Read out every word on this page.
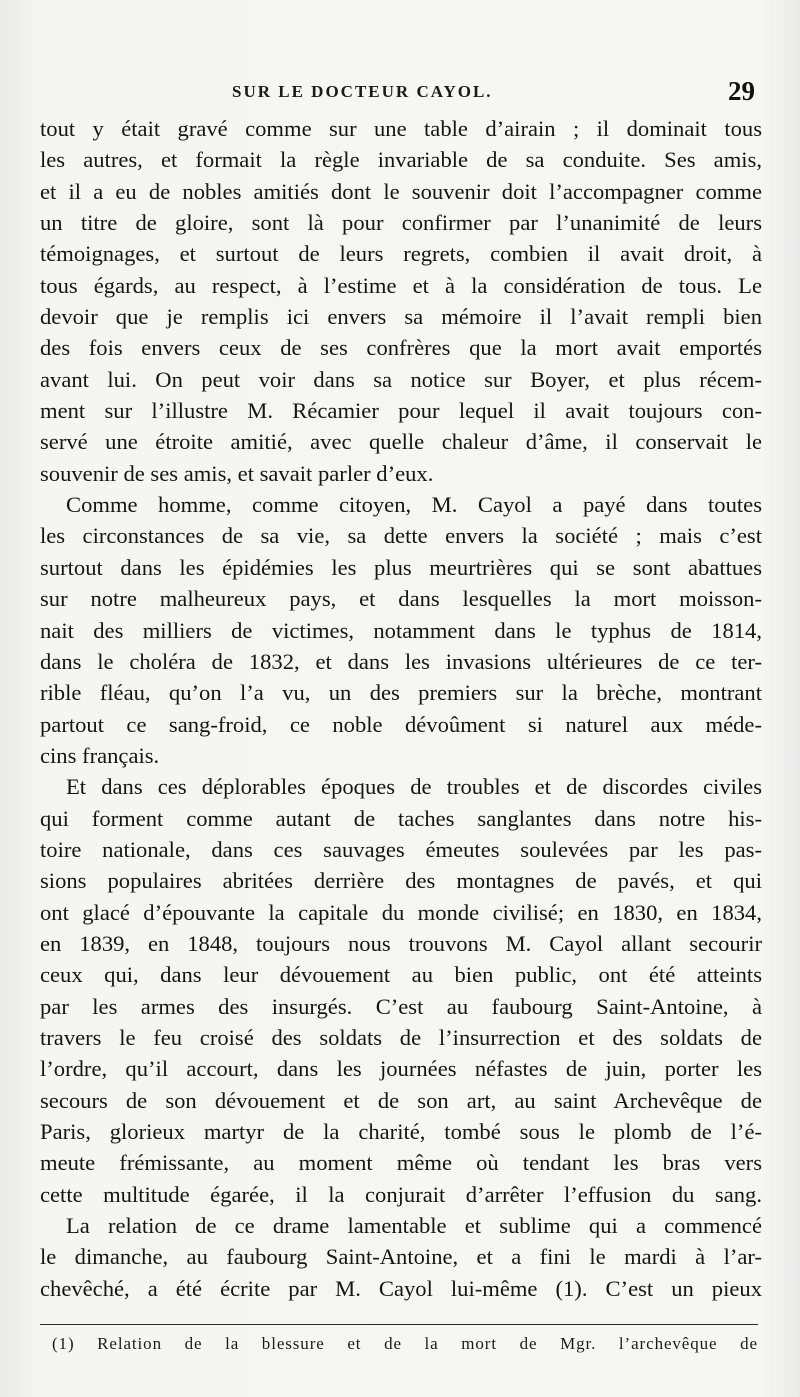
SUR LE DOCTEUR CAYOL.	29
tout y était gravé comme sur une table d’airain ; il dominait tous
les autres, et formait la règle invariable de sa conduite. Ses amis,
et il a eu de nobles amitiés dont le souvenir doit l’accompagner comme
un titre de gloire, sont là pour confirmer par l’unanimité de leurs
témoignages, et surtout de leurs regrets, combien il avait droit, à
tous égards, au respect, à l’estime et à la considération de tous. Le
devoir que je remplis ici envers sa mémoire il l’avait rempli bien
des fois envers ceux de ses confrères que la mort avait emportés
avant lui. On peut voir dans sa notice sur Boyer, et plus récem-
ment sur l’illustre M. Récamier pour lequel il avait toujours con-
servé une étroite amitié, avec quelle chaleur d’âme, il conservait le
souvenir de ses amis, et savait parler d’eux.
Comme homme, comme citoyen, M. Cayol a payé dans toutes
les circonstances de sa vie, sa dette envers la société ; mais c’est
surtout dans les épidémies les plus meurtrières qui se sont abattues
sur notre malheureux pays, et dans lesquelles la mort moisson-
nait des milliers de victimes, notamment dans le typhus de 1814,
dans le choléra de 1832, et dans les invasions ultérieures de ce ter-
rible fléau, qu’on l’a vu, un des premiers sur la brèche, montrant
partout ce sang-froid, ce noble dévoûment si naturel aux méde-
cins français.
Et dans ces déplorables époques de troubles et de discordes civiles
qui forment comme autant de taches sanglantes dans notre his-
toire nationale, dans ces sauvages émeutes soulevées par les pas-
sions populaires abritées derrière des montagnes de pavés, et qui
ont glacé d’épouvante la capitale du monde civilisé; en 1830, en 1834,
en 1839, en 1848, toujours nous trouvons M. Cayol allant secourir
ceux qui, dans leur dévouement au bien public, ont été atteints
par les armes des insurgés. C’est au faubourg Saint-Antoine, à
travers le feu croisé des soldats de l’insurrection et des soldats de
l’ordre, qu’il accourt, dans les journées néfastes de juin, porter les
secours de son dévouement et de son art, au saint Archevêque de
Paris, glorieux martyr de la charité, tombé sous le plomb de l’é-
meute frémissante, au moment même où tendant les bras vers
cette multitude égarée, il la conjurait d’arrêter l’effusion du sang.
La relation de ce drame lamentable et sublime qui a commencé
le dimanche, au faubourg Saint-Antoine, et a fini le mardi à l’ar-
chevêché, a été écrite par M. Cayol lui-même (1). C’est un pieux
(1) Relation de la blessure et de la mort de Mgr. l’archevêque de
